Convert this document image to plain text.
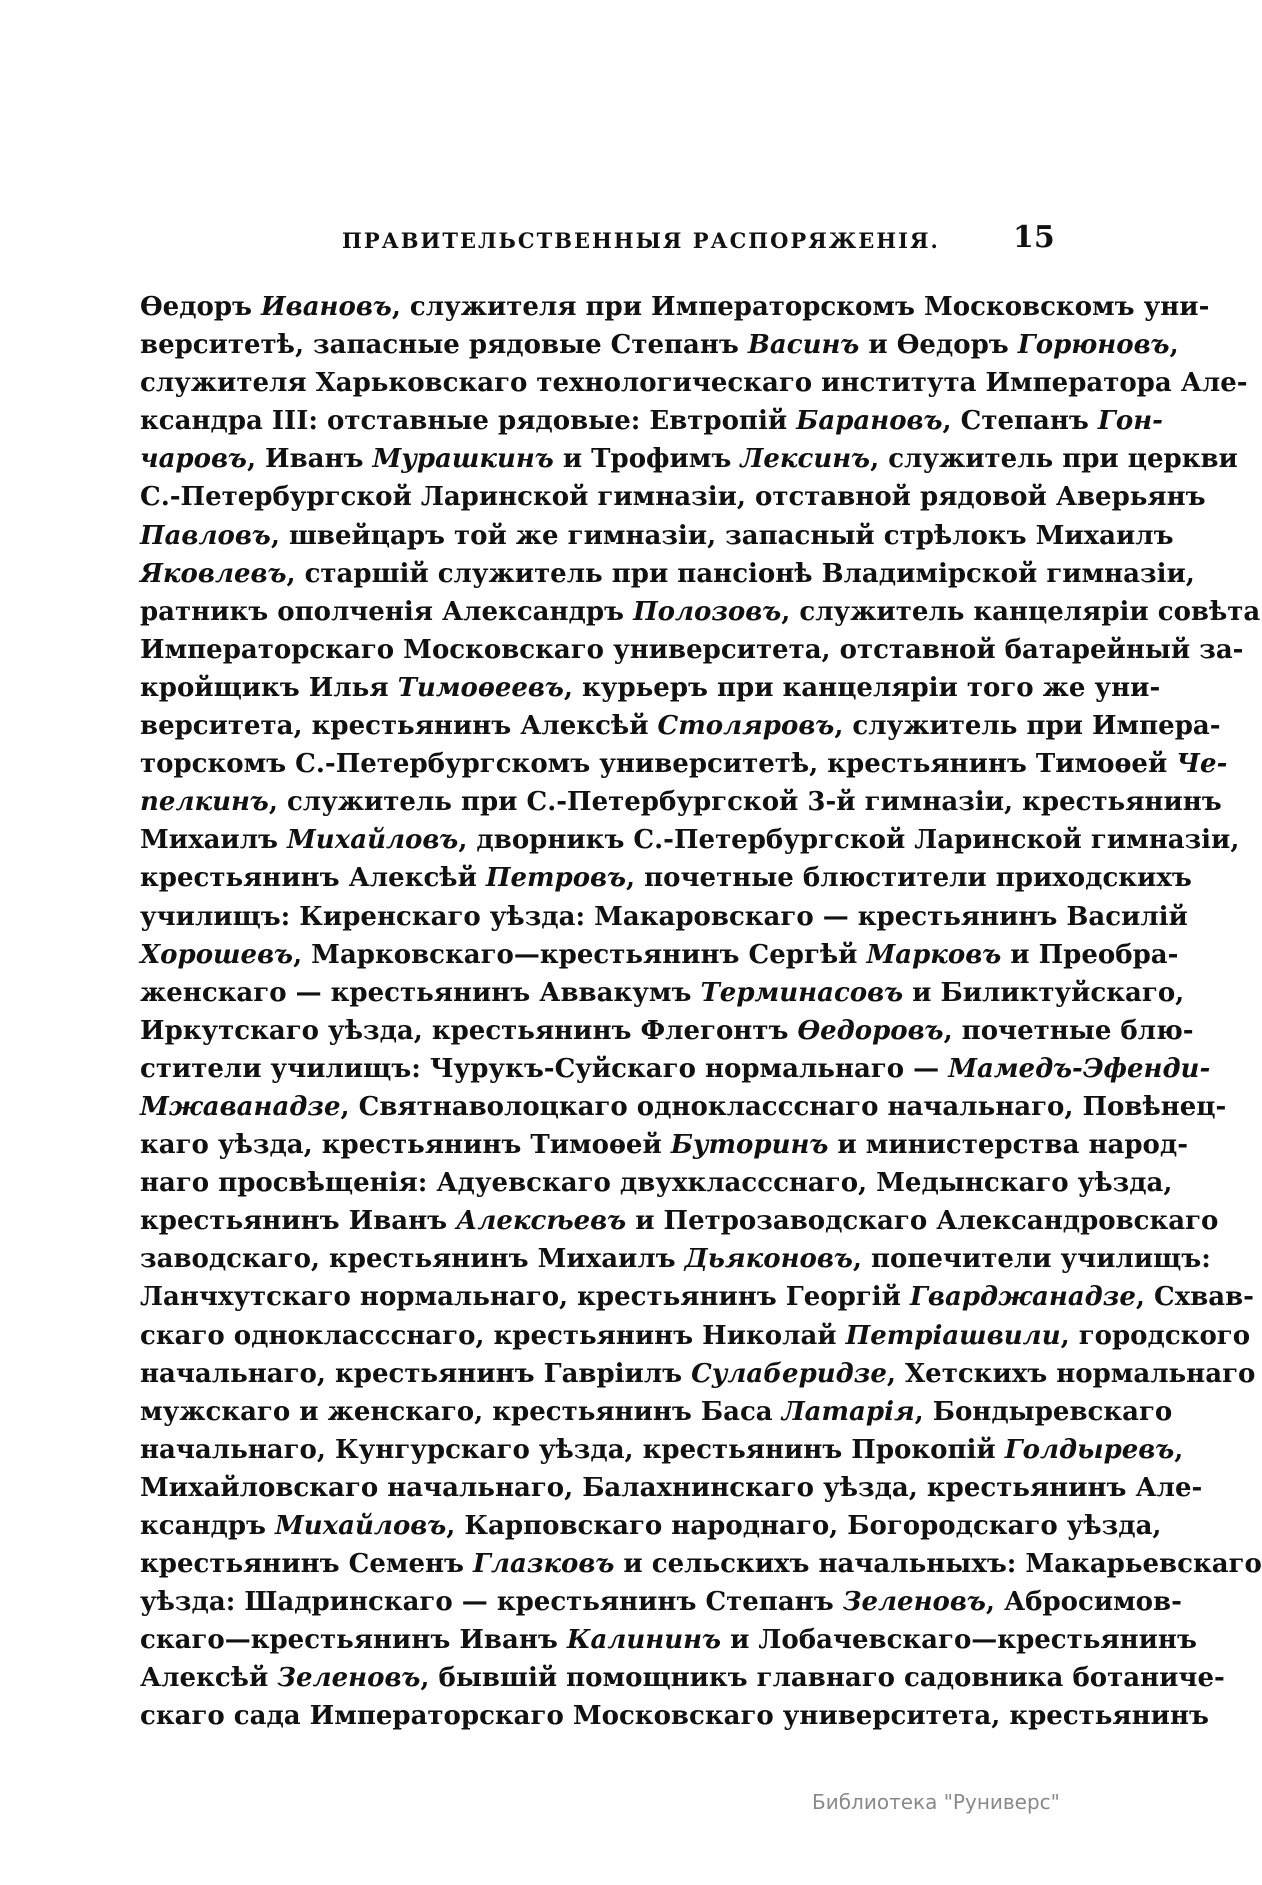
ПРАВИТЕЛЬСТВЕННЫЯ РАСПОРЯЖЕНІЯ. 15
Ѳедоръ Ивановъ, служителя при Императорскомъ Московскомъ уни-
верситетѣ, запасные рядовые Степанъ Васинъ и Ѳедоръ Горюновъ,
служителя Харьковскаго технологическаго института Императора Але-
ксандра III: отставные рядовые: Евтропій Барановъ, Степанъ Гон-
чаровъ, Иванъ Мурашкинъ и Трофимъ Лексинъ, служитель при церкви
С.-Петербургской Ларинской гимназіи, отставной рядовой Аверьянъ
Павловъ, швейцаръ той же гимназіи, запасный стрѣлокъ Михаилъ
Яковлевъ, старшій служитель при пансіонѣ Владимірской гимназіи,
ратникъ ополченія Александръ Полозовъ, служитель канцеляріи совѣта
Императорскаго Московскаго университета, отставной батарейный за-
кройщикъ Илья Тимоѳеевъ, курьеръ при канцеляріи того же уни-
верситета, крестьянинъ Алексѣй Столяровъ, служитель при Импера-
торскомъ С.-Петербургскомъ университетѣ, крестьянинъ Тимоѳей Че-
пелкинъ, служитель при С.-Петербургской 3-й гимназіи, крестьянинъ
Михаилъ Михайловъ, дворникъ С.-Петербургской Ларинской гимназіи,
крестьянинъ Алексѣй Петровъ, почетные блюстители приходскихъ
училищъ: Киренскаго уѣзда: Макаровскаго — крестьянинъ Василій
Хорошевъ, Марковскаго—крестьянинъ Сергѣй Марковъ и Преобра-
женскаго — крестьянинъ Аввакумъ Терминасовъ и Биликтуйскаго,
Иркутскаго уѣзда, крестьянинъ Флегонтъ Ѳедоровъ, почетные блю-
стители училищъ: Чурукъ-Суйскаго нормальнаго — Мамедъ-Эфенди-
Мжаванадзе, Святнаволоцкаго одноклассснаго начальнаго, Повѣнец-
каго уѣзда, крестьянинъ Тимоѳей Буторинъ и министерства народ-
наго просвѣщенія: Адуевскаго двухклассснаго, Медынскаго уѣзда,
крестьянинъ Иванъ Алексѣевъ и Петрозаводскаго Александровскаго
заводскаго, крестьянинъ Михаилъ Дьяконовъ, попечители училищъ:
Ланчхутскаго нормальнаго, крестьянинъ Георгій Гварджанадзе, Схвав-
скаго одноклассснаго, крестьянинъ Николай Петріашвили, городского
начальнаго, крестьянинъ Гавріилъ Сулаберидзе, Хетскихъ нормальнаго
мужскаго и женскаго, крестьянинъ Баса Латарія, Бондыревскаго
начальнаго, Кунгурскаго уѣзда, крестьянинъ Прокопій Голдыревъ,
Михайловскаго начальнаго, Балахнинскаго уѣзда, крестьянинъ Але-
ксандръ Михайловъ, Карповскаго народнаго, Богородскаго уѣзда,
крестьянинъ Семенъ Глазковъ и сельскихъ начальныхъ: Макарьевскаго
уѣзда: Шадринскаго — крестьянинъ Степанъ Зеленовъ, Абросимов-
скаго—крестьянинъ Иванъ Калининъ и Лобачевскаго—крестьянинъ
Алексѣй Зеленовъ, бывшій помощникъ главнаго садовника ботаниче-
скаго сада Императорскаго Московскаго университета, крестьянинъ
Библиотека "Руниверс"
